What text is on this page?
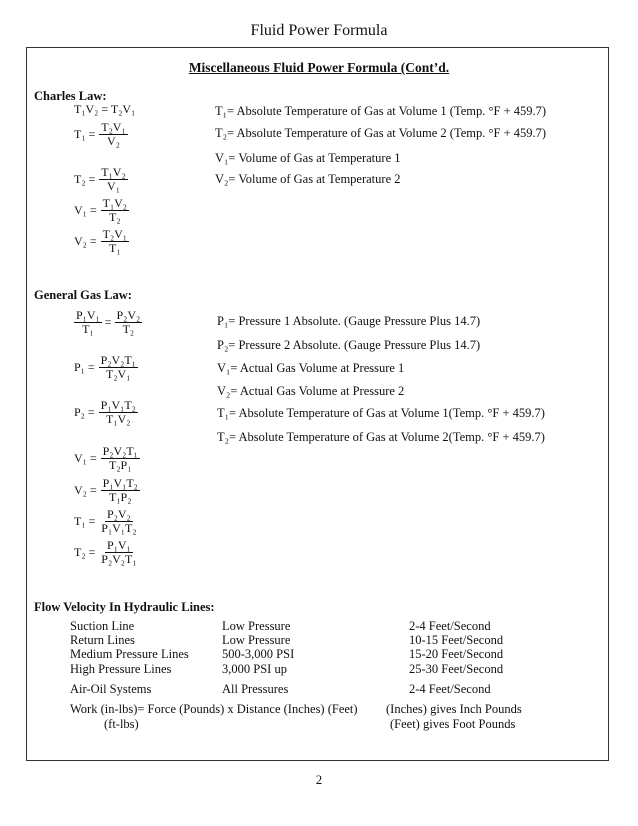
Fluid Power Formula
Miscellaneous Fluid Power Formula (Cont’d.
Charles Law:
T₁V₂ = T₂V₁
$T_1 = \frac{\text{T₂V₁}}{\text{V₂}}$
$T_2 = \frac{\text{T₁V₂}}{\text{V₁}}$
$V_1 = \frac{\text{T₁V₂}}{\text{T₂}}$
$V_2 = \frac{\text{T₂V₁}}{\text{T₁}}$
T₁= Absolute Temperature of Gas at Volume 1 (Temp. °F + 459.7)
T₂= Absolute Temperature of Gas at Volume 2 (Temp. °F + 459.7)
V₁= Volume of Gas at Temperature 1
V₂= Volume of Gas at Temperature 2
General Gas Law:
$\frac{\text{P₁V₁}}{\text{T₁}} = \frac{\text{P₂V₂}}{\text{T₂}}$
$P_1 = \frac{\text{P₂V₂T₁}}{\text{T₂V₁}}$
$P_2 = \frac{\text{P₁V₁T₂}}{\text{T₁V₂}}$
$V_1 = \frac{\text{P₂V₂T₁}}{\text{T₂P₁}}$
$V_2 = \frac{\text{P₁V₁T₂}}{\text{T₁P₂}}$
$T_1 = \frac{\text{P₂V₂}}{\text{P₁V₁T₂}}$
$T_2 = \frac{\text{P₁V₁}}{\text{P₂V₂T₁}}$
P₁= Pressure 1 Absolute. (Gauge Pressure Plus 14.7)
P₂= Pressure 2 Absolute. (Gauge Pressure Plus 14.7)
V₁= Actual Gas Volume at Pressure 1
V₂= Actual Gas Volume at Pressure 2
T₁= Absolute Temperature of Gas at Volume 1(Temp. °F + 459.7)
T₂= Absolute Temperature of Gas at Volume 2(Temp. °F + 459.7)
Flow Velocity In Hydraulic Lines:
Suction Line	Low Pressure	2-4 Feet/Second
Return Lines	Low Pressure	10-15 Feet/Second
Medium Pressure Lines	500-3,000 PSI	15-20 Feet/Second
High Pressure Lines	3,000 PSI up	25-30 Feet/Second
Air-Oil Systems	All Pressures	2-4 Feet/Second
Work (in-lbs)= Force (Pounds) x Distance (Inches) (Feet) (Inches) gives Inch Pounds
(ft-lbs)	(Feet) gives Foot Pounds
2
